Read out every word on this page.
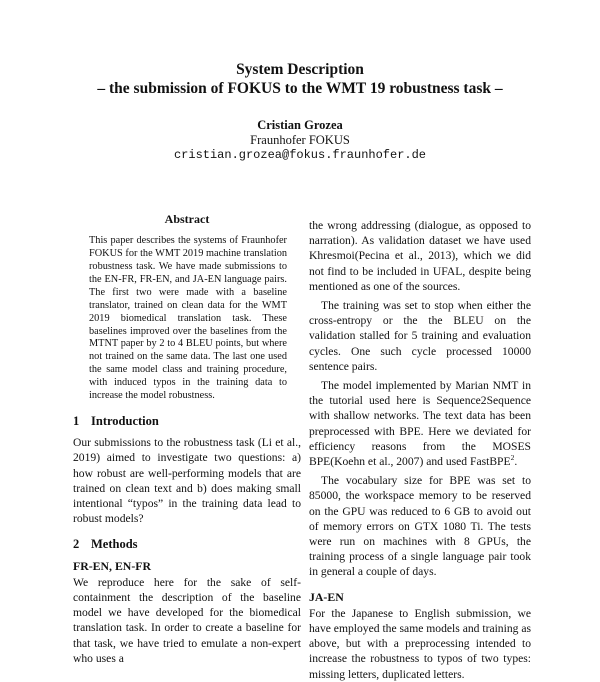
System Description
– the submission of FOKUS to the WMT 19 robustness task –
Cristian Grozea
Fraunhofer FOKUS
cristian.grozea@fokus.fraunhofer.de
Abstract

This paper describes the systems of Fraunhofer FOKUS for the WMT 2019 machine translation robustness task. We have made submissions to the EN-FR, FR-EN, and JA-EN language pairs. The first two were made with a baseline translator, trained on clean data for the WMT 2019 biomedical translation task. These baselines improved over the baselines from the MTNT paper by 2 to 4 BLEU points, but where not trained on the same data. The last one used the same model class and training procedure, with induced typos in the training data to increase the model robustness.

1 Introduction

Our submissions to the robustness task (Li et al., 2019) aimed to investigate two questions: a) how robust are well-performing models that are trained on clean text and b) does making small intentional “typos” in the training data lead to robust models?

2 Methods
FR-EN, EN-FR

We reproduce here for the sake of self-containment the description of the baseline model we have developed for the biomedical translation task. In order to create a baseline for that task, we have tried to emulate a non-expert who uses a

the wrong addressing (dialogue, as opposed to narration). As validation dataset we have used Khresmoi(Pecina et al., 2013), which we did not find to be included in UFAL, despite being mentioned as one of the sources.

The training was set to stop when either the cross-entropy or the the BLEU on the validation stalled for 5 training and evaluation cycles. One such cycle processed 10000 sentence pairs.

The model implemented by Marian NMT in the tutorial used here is Sequence2Sequence with shallow networks. The text data has been preprocessed with BPE. Here we deviated for efficiency reasons from the MOSES BPE(Koehn et al., 2007) and used FastBPE$^2$.

The vocabulary size for BPE was set to 85000, the workspace memory to be reserved on the GPU was reduced to 6 GB to avoid out of memory errors on GTX 1080 Ti. The tests were run on machines with 8 GPUs, the training process of a single language pair took in general a couple of days.

JA-EN

For the Japanese to English submission, we have employed the same models and training as above, but with a preprocessing intended to increase the robustness to typos of two types: missing letters, duplicated letters.
